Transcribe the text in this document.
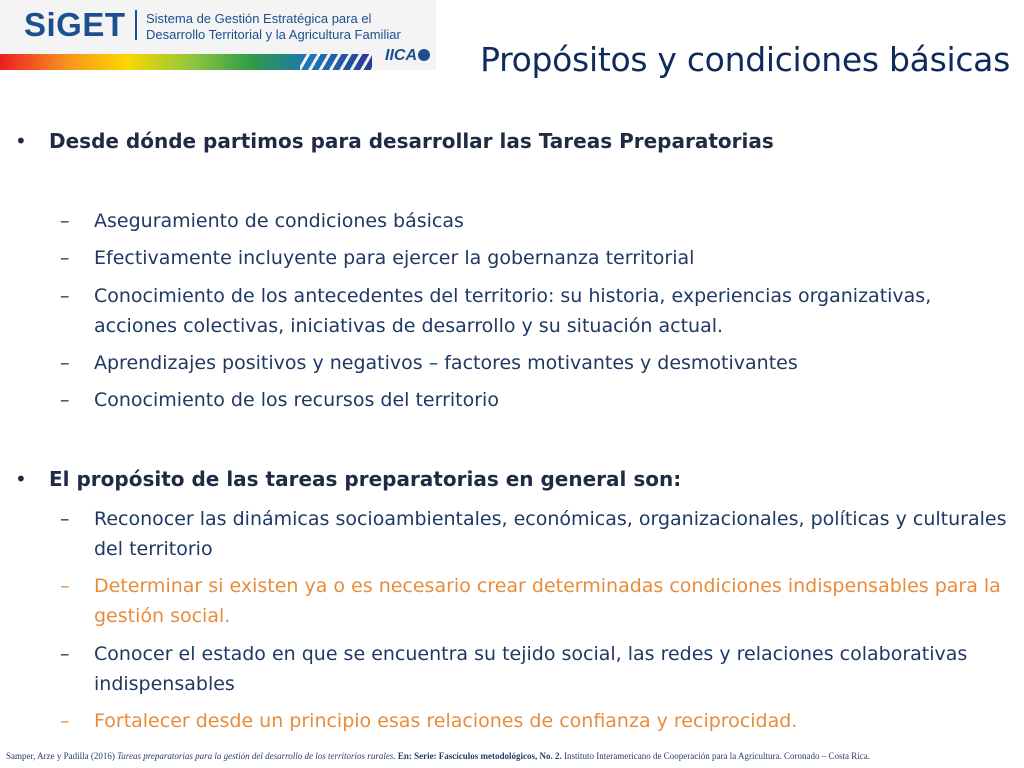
SiGET Sistema de Gestión Estratégica para el
Desarrollo Territorial y la Agricultura Familiar
IICA	Propósitos y condiciones básicas
• Desde dónde partimos para desarrollar las Tareas Preparatorias
– Aseguramiento de condiciones básicas
– Efectivamente incluyente para ejercer la gobernanza territorial
– Conocimiento de los antecedentes del territorio: su historia, experiencias organizativas, acciones colectivas, iniciativas de desarrollo y su situación actual.
– Aprendizajes positivos y negativos – factores motivantes y desmotivantes
– Conocimiento de los recursos del territorio
• El propósito de las tareas preparatorias en general son:
– Reconocer las dinámicas socioambientales, económicas, organizacionales, políticas y culturales del territorio
– Determinar si existen ya o es necesario crear determinadas condiciones indispensables para la gestión social.
– Conocer el estado en que se encuentra su tejido social, las redes y relaciones colaborativas indispensables
– Fortalecer desde un principio esas relaciones de confianza y reciprocidad.
Samper, Arze y Padilla (2016) Tareas preparatorias para la gestión del desarrollo de los territorios rurales. En: Serie: Fascículos metodológicos, No. 2. Instituto Interamericano de Cooperación para la Agricultura. Coronado – Costa Rica.
